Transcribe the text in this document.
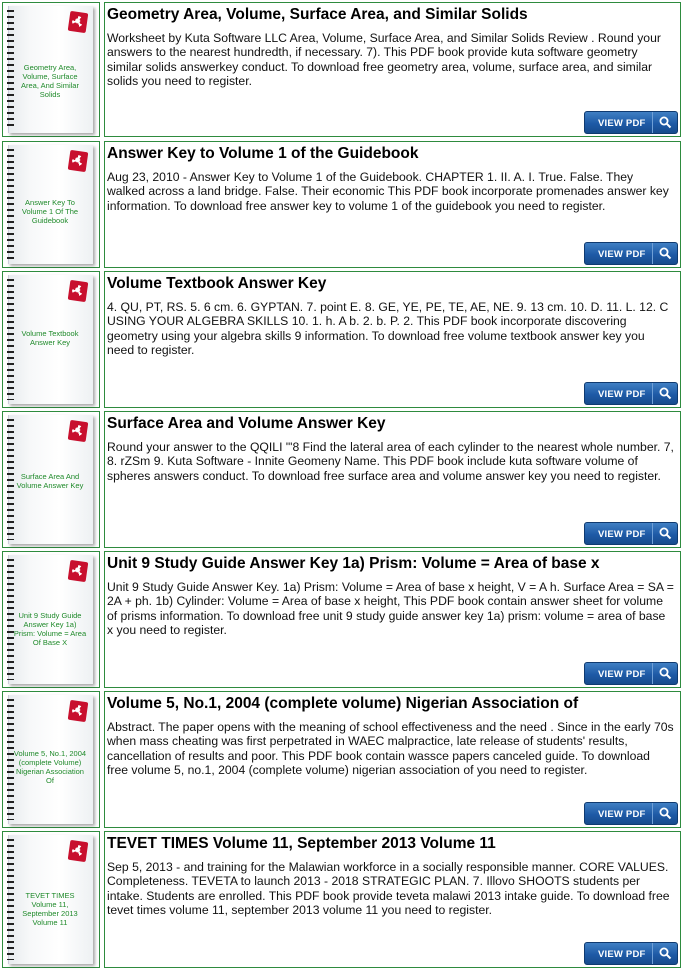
Geometry Area, Volume, Surface Area, And Similar Solids
Geometry Area, Volume, Surface Area, and Similar Solids
Worksheet by Kuta Software LLC Area, Volume, Surface Area, and Similar Solids Review . Round your answers to the nearest hundredth, if necessary. 7). This PDF book provide kuta software geometry similar solids answerkey conduct. To download free geometry area, volume, surface area, and similar solids you need to register.
VIEW PDF
Answer Key To Volume 1 Of The Guidebook
Answer Key to Volume 1 of the Guidebook
Aug 23, 2010 - Answer Key to Volume 1 of the Guidebook. CHAPTER 1. II. A. I. True. False. They walked across a land bridge. False. Their economic This PDF book incorporate promenades answer key information. To download free answer key to volume 1 of the guidebook you need to register.
VIEW PDF
Volume Textbook Answer Key
Volume Textbook Answer Key
4. QU, PT, RS. 5. 6 cm. 6. GYPTAN. 7. point E. 8. GE, YE, PE, TE, AE, NE. 9. 13 cm. 10. D. 11. L. 12. C USING YOUR ALGEBRA SKILLS 10. 1. h. A b. 2. b. P. 2. This PDF book incorporate discovering geometry using your algebra skills 9 information. To download free volume textbook answer key you need to register.
VIEW PDF
Surface Area And Volume Answer Key
Surface Area and Volume Answer Key
Round your answer to the QQILI "'8 Find the lateral area of each cylinder to the nearest whole number. 7, 8. rZSm 9. Kuta Software - Innite Geomeny Name. This PDF book include kuta software volume of spheres answers conduct. To download free surface area and volume answer key you need to register.
VIEW PDF
Unit 9 Study Guide Answer Key 1a) Prism: Volume = Area Of Base X
Unit 9 Study Guide Answer Key 1a) Prism: Volume = Area of base x
Unit 9 Study Guide Answer Key. 1a) Prism: Volume = Area of base x height, V = A h. Surface Area = SA = 2A + ph. 1b) Cylinder: Volume = Area of base x height, This PDF book contain answer sheet for volume of prisms information. To download free unit 9 study guide answer key 1a) prism: volume = area of base x you need to register.
VIEW PDF
Volume 5, No.1, 2004 (complete Volume) Nigerian Association Of
Volume 5, No.1, 2004 (complete volume) Nigerian Association of
Abstract. The paper opens with the meaning of school effectiveness and the need . Since in the early 70s when mass cheating was first perpetrated in WAEC malpractice, late release of students' results, cancellation of results and poor. This PDF book contain wassce papers canceled guide. To download free volume 5, no.1, 2004 (complete volume) nigerian association of you need to register.
VIEW PDF
TEVET TIMES Volume 11, September 2013 Volume 11
TEVET TIMES Volume 11, September 2013 Volume 11
Sep 5, 2013 - and training for the Malawian workforce in a socially responsible manner. CORE VALUES. Completeness. TEVETA to launch 2013 - 2018 STRATEGIC PLAN. 7. Illovo SHOOTS students per intake. Students are enrolled. This PDF book provide teveta malawi 2013 intake guide. To download free tevet times volume 11, september 2013 volume 11 you need to register.
VIEW PDF
